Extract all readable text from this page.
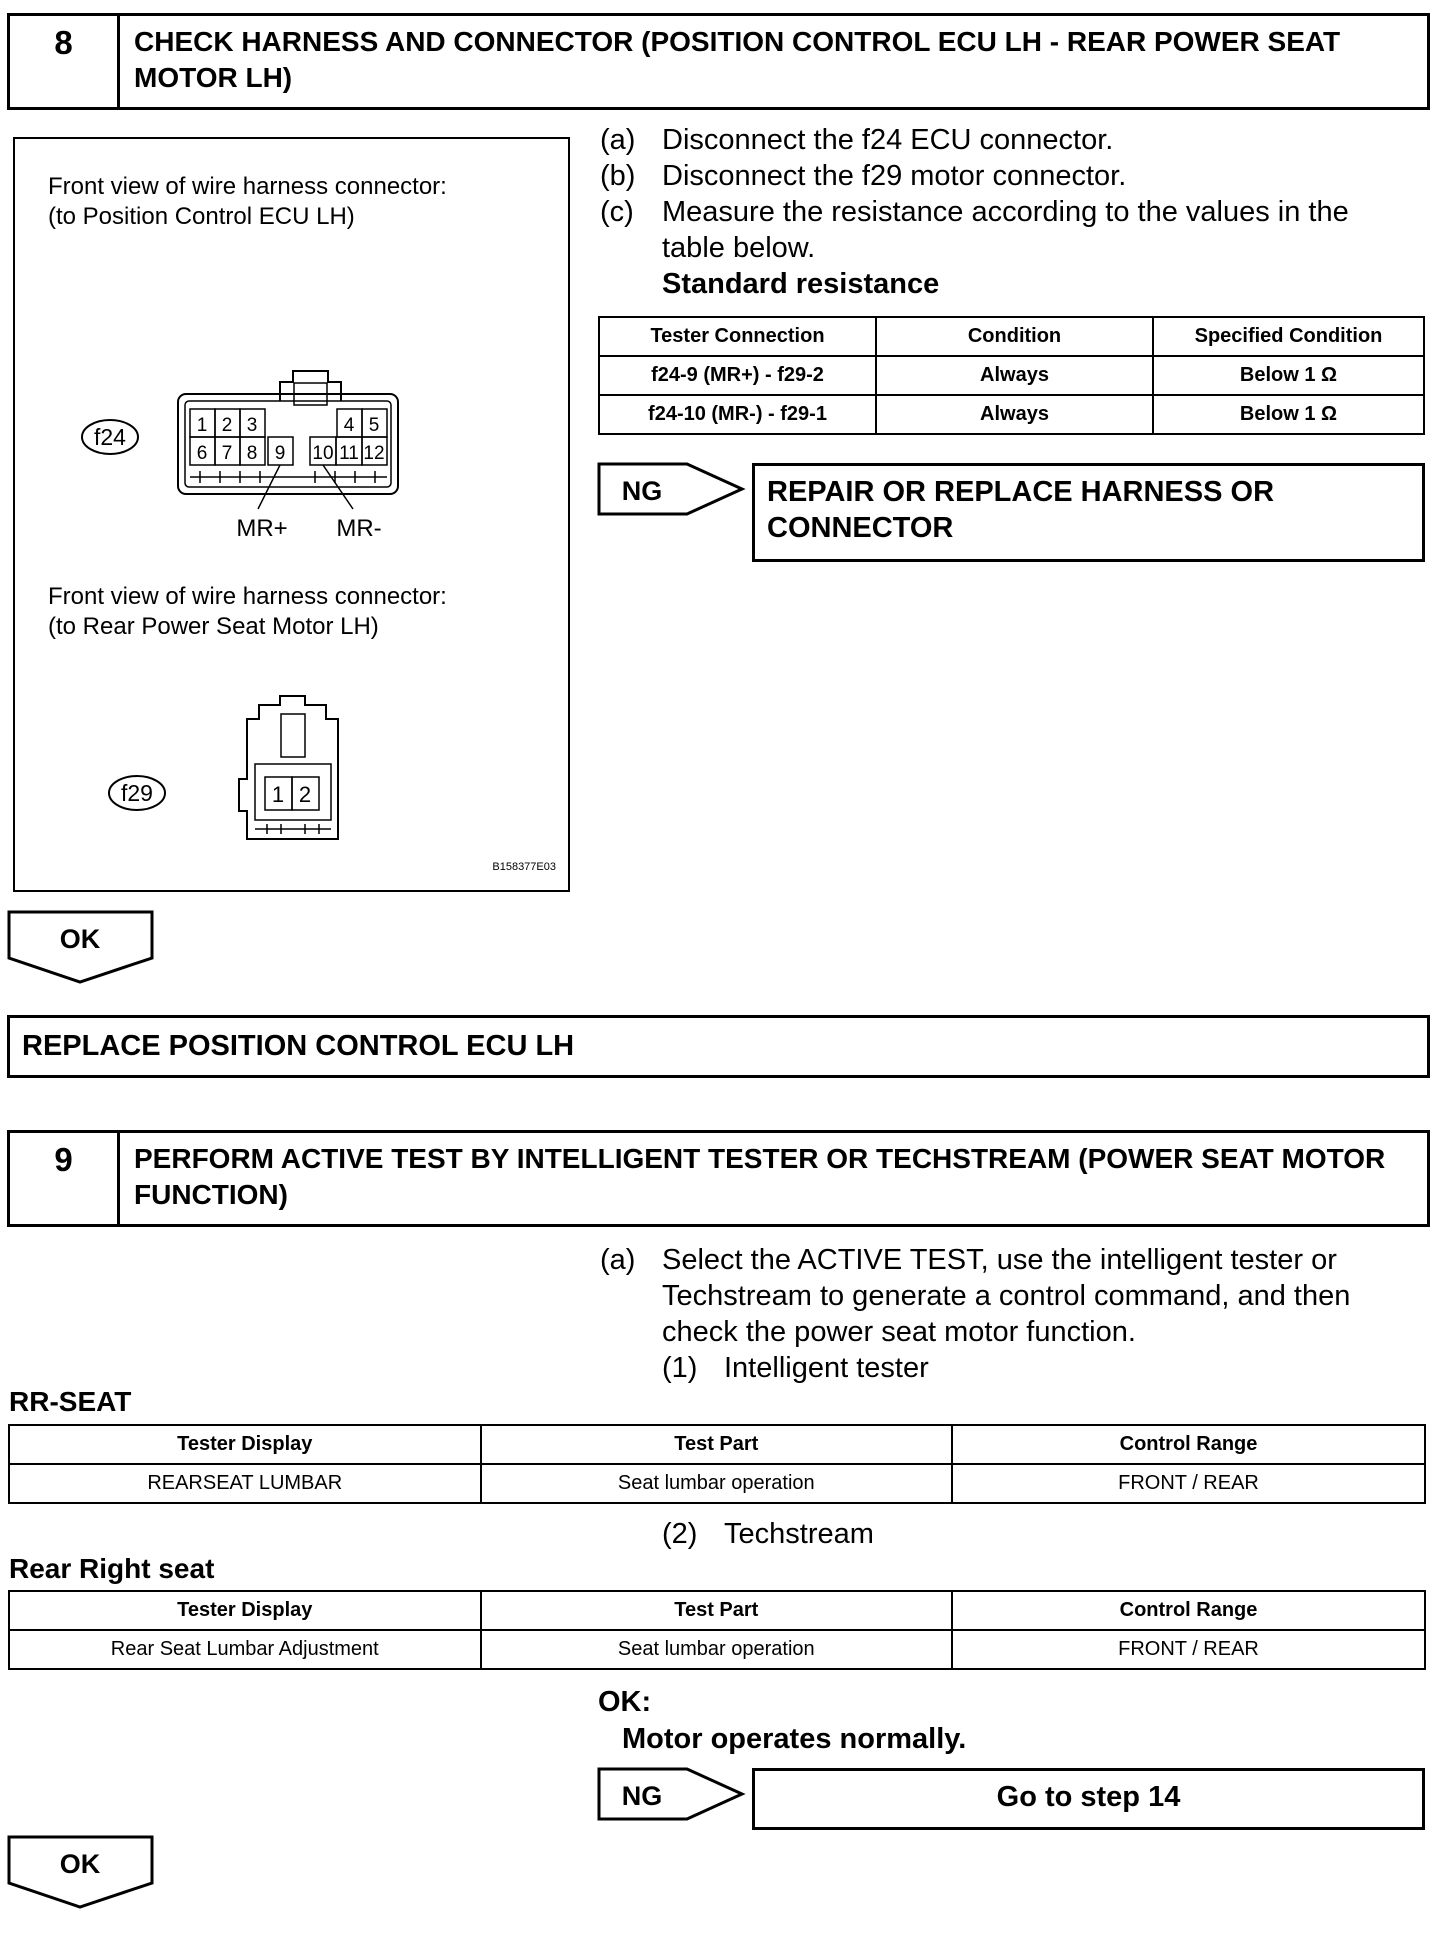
8	CHECK HARNESS AND CONNECTOR (POSITION CONTROL ECU LH - REAR POWER SEAT MOTOR LH)
Front view of wire harness connector:
(to Position Control ECU LH)
f24	1 2 3	4 5
6 7 8 9 10 11 12
MR+ MR-
f29	1 2
B158377E03
Front view of wire harness connector:
(to Rear Power Seat Motor LH)
(a) Disconnect the f24 ECU connector.
(b) Disconnect the f29 motor connector.
(c) Measure the resistance according to the values in the
table below.
Standard resistance
Tester Connection	Condition	Specified Condition
f24-9 (MR+) - f29-2	Always	Below 1 Ω
f24-10 (MR-) - f29-1	Always	Below 1 Ω
NG	REPAIR OR REPLACE HARNESS OR
CONNECTOR
OK
REPLACE POSITION CONTROL ECU LH
9	PERFORM ACTIVE TEST BY INTELLIGENT TESTER OR TECHSTREAM (POWER SEAT MOTOR FUNCTION)
(a) Select the ACTIVE TEST, use the intelligent tester or
Techstream to generate a control command, and then
check the power seat motor function.
(1) Intelligent tester
RR-SEAT
Tester Display	Test Part	Control Range
REARSEAT LUMBAR	Seat lumbar operation	FRONT / REAR
(2) Techstream
Rear Right seat
Tester Display	Test Part	Control Range
Rear Seat Lumbar Adjustment	Seat lumbar operation	FRONT / REAR
OK:
Motor operates normally.
NG	Go to step 14
OK
